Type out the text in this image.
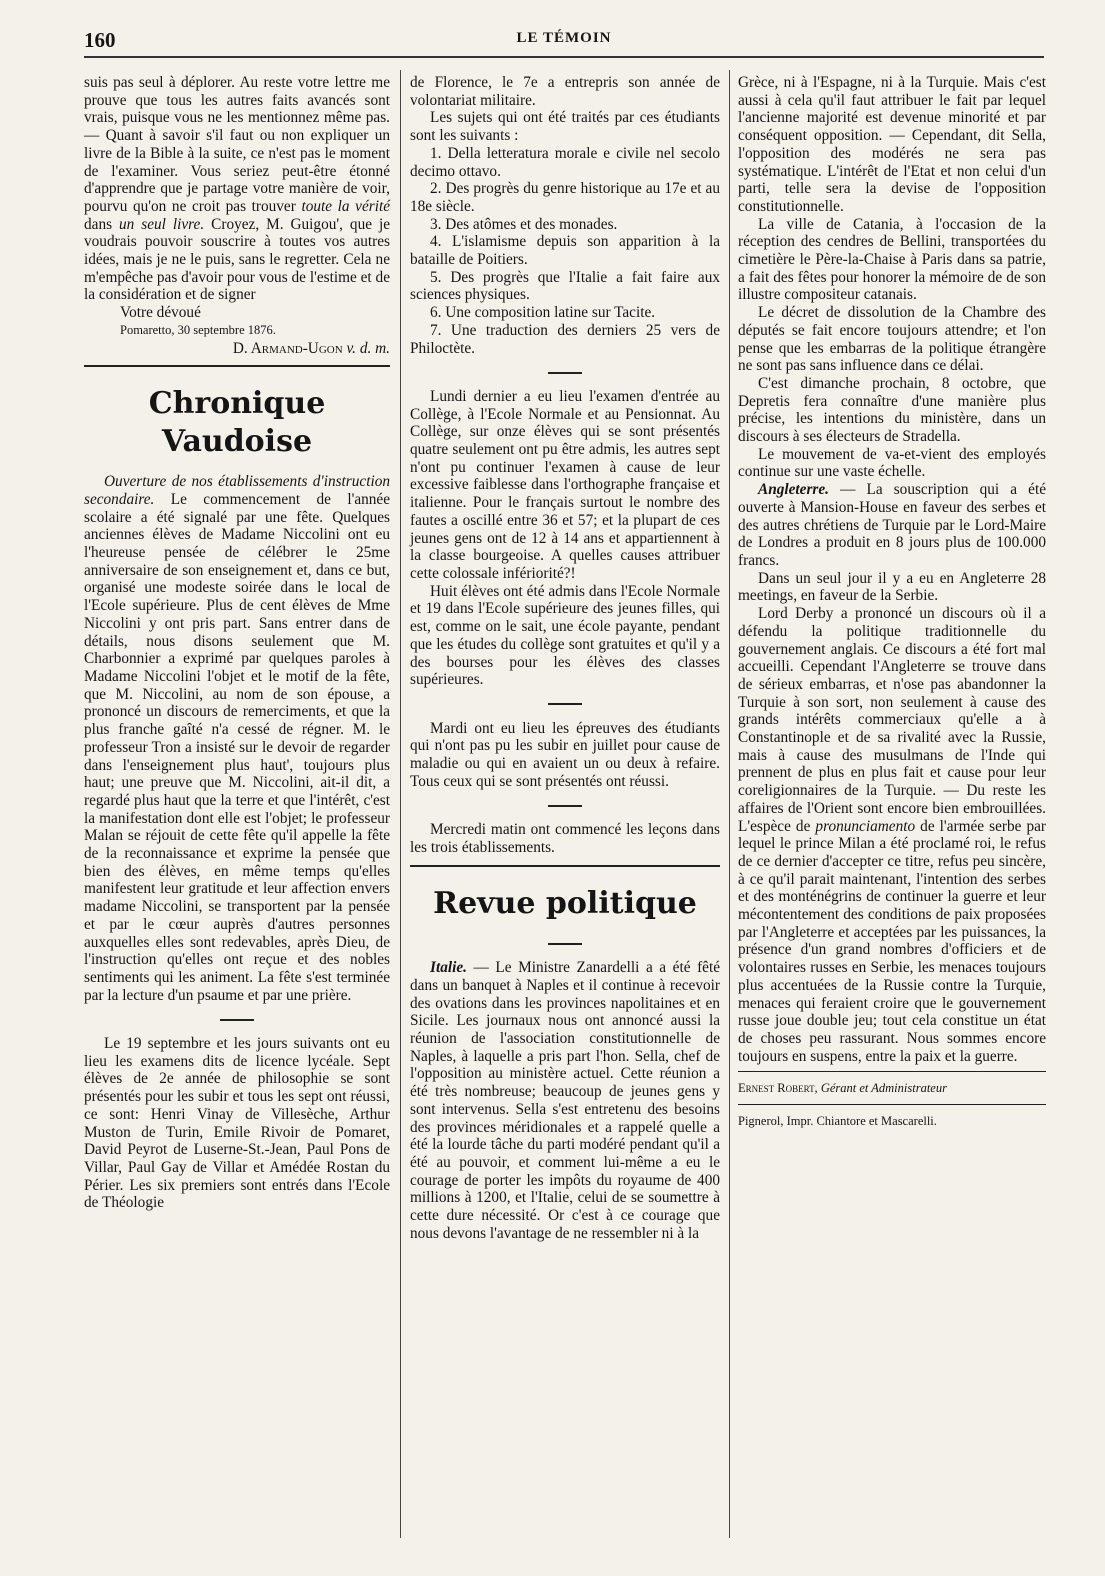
160	LE TÉMOIN

suis pas seul à déplorer. Au reste votre lettre me prouve que tous les autres faits avancés sont vrais, puisque vous ne les mentionnez même pas. — Quant à savoir s'il faut ou non expliquer un livre de la Bible à la suite, ce n'est pas le moment de l'examiner. Vous seriez peut-être étonné d'apprendre que je partage votre manière de voir, pourvu qu'on ne croit pas trouver toute la vérité dans un seul livre. Croyez, M. Guigou', que je voudrais pouvoir souscrire à toutes vos autres idées, mais je ne le puis, sans le regretter. Cela ne m'empêche pas d'avoir pour vous de l'estime et de la considération et de signer

Votre dévoué

Pomaretto, 30 septembre 1876.

D. Armand-Ugon v. d. m.

Chronique Vaudoise

Ouverture de nos établissements d'instruction secondaire. Le commencement de l'année scolaire a été signalé par une fête. Quelques anciennes élèves de Madame Niccolini ont eu l'heureuse pensée de célébrer le 25me anniversaire de son enseignement et, dans ce but, organisé une modeste soirée dans le local de l'Ecole supérieure. Plus de cent élèves de Mme Niccolini y ont pris part. Sans entrer dans de détails, nous disons seulement que M. Charbonnier a exprimé par quelques paroles à Madame Niccolini l'objet et le motif de la fête, que M. Niccolini, au nom de son épouse, a prononcé un discours de remerciments, et que la plus franche gaîté n'a cessé de régner. M. le professeur Tron a insisté sur le devoir de regarder dans l'enseignement plus haut', toujours plus haut; une preuve que M. Niccolini, ait-il dit, a regardé plus haut que la terre et que l'intérêt, c'est la manifestation dont elle est l'objet; le professeur Malan se réjouit de cette fête qu'il appelle la fête de la reconnaissance et exprime la pensée que bien des élèves, en même temps qu'elles manifestent leur gratitude et leur affection envers madame Niccolini, se transportent par la pensée et par le cœur auprès d'autres personnes auxquelles elles sont redevables, après Dieu, de l'instruction qu'elles ont reçue et des nobles sentiments qui les animent. La fête s'est terminée par la lecture d'un psaume et par une prière.

Le 19 septembre et les jours suivants ont eu lieu les examens dits de licence lycéale. Sept élèves de 2e année de philosophie se sont présentés pour les subir et tous les sept ont réussi, ce sont: Henri Vinay de Villesèche, Arthur Muston de Turin, Emile Rivoir de Pomaret, David Peyrot de Luserne-St.-Jean, Paul Pons de Villar, Paul Gay de Villar et Amédée Rostan du Périer. Les six premiers sont entrés dans l'Ecole de Théologie

de Florence, le 7e a entrepris son année de volontariat militaire.

Les sujets qui ont été traités par ces étudiants sont les suivants :

1. Della letteratura morale e civile nel secolo decimo ottavo.

2. Des progrès du genre historique au 17e et au 18e siècle.

3. Des atômes et des monades.

4. L'islamisme depuis son apparition à la bataille de Poitiers.

5. Des progrès que l'Italie a fait faire aux sciences physiques.

6. Une composition latine sur Tacite.

7. Une traduction des derniers 25 vers de Philoctète.

Lundi dernier a eu lieu l'examen d'entrée au Collège, à l'Ecole Normale et au Pensionnat. Au Collège, sur onze élèves qui se sont présentés quatre seulement ont pu être admis, les autres sept n'ont pu continuer l'examen à cause de leur excessive faiblesse dans l'orthographe française et italienne. Pour le français surtout le nombre des fautes a oscillé entre 36 et 57; et la plupart de ces jeunes gens ont de 12 à 14 ans et appartiennent à la classe bourgeoise. A quelles causes attribuer cette colossale infériorité?!

Huit élèves ont été admis dans l'Ecole Normale et 19 dans l'Ecole supérieure des jeunes filles, qui est, comme on le sait, une école payante, pendant que les études du collège sont gratuites et qu'il y a des bourses pour les élèves des classes supérieures.

Mardi ont eu lieu les épreuves des étudiants qui n'ont pas pu les subir en juillet pour cause de maladie ou qui en avaient un ou deux à refaire. Tous ceux qui se sont présentés ont réussi.

Mercredi matin ont commencé les leçons dans les trois établissements.

Revue politique

Italie. — Le Ministre Zanardelli a a été fêté dans un banquet à Naples et il continue à recevoir des ovations dans les provinces napolitaines et en Sicile. Les journaux nous ont annoncé aussi la réunion de l'association constitutionnelle de Naples, à laquelle a pris part l'hon. Sella, chef de l'opposition au ministère actuel. Cette réunion a été très nombreuse; beaucoup de jeunes gens y sont intervenus. Sella s'est entretenu des besoins des provinces méridionales et a rappelé quelle a été la lourde tâche du parti modéré pendant qu'il a été au pouvoir, et comment lui-même a eu le courage de porter les impôts du royaume de 400 millions à 1200, et l'Italie, celui de se soumettre à cette dure nécessité. Or c'est à ce courage que nous devons l'avantage de ne ressembler ni à la

Grèce, ni à l'Espagne, ni à la Turquie. Mais c'est aussi à cela qu'il faut attribuer le fait par lequel l'ancienne majorité est devenue minorité et par conséquent opposition. — Cependant, dit Sella, l'opposition des modérés ne sera pas systématique. L'intérêt de l'Etat et non celui d'un parti, telle sera la devise de l'opposition constitutionnelle.

La ville de Catania, à l'occasion de la réception des cendres de Bellini, transportées du cimetière le Père-la-Chaise à Paris dans sa patrie, a fait des fêtes pour honorer la mémoire de de son illustre compositeur catanais.

Le décret de dissolution de la Chambre des députés se fait encore toujours attendre; et l'on pense que les embarras de la politique étrangère ne sont pas sans influence dans ce délai.

C'est dimanche prochain, 8 octobre, que Depretis fera connaître d'une manière plus précise, les intentions du ministère, dans un discours à ses électeurs de Stradella.

Le mouvement de va-et-vient des employés continue sur une vaste échelle.

Angleterre. — La souscription qui a été ouverte à Mansion-House en faveur des serbes et des autres chrétiens de Turquie par le Lord-Maire de Londres a produit en 8 jours plus de 100.000 francs.

Dans un seul jour il y a eu en Angleterre 28 meetings, en faveur de la Serbie.

Lord Derby a prononcé un discours où il a défendu la politique traditionnelle du gouvernement anglais. Ce discours a été fort mal accueilli. Cependant l'Angleterre se trouve dans de sérieux embarras, et n'ose pas abandonner la Turquie à son sort, non seulement à cause des grands intérêts commerciaux qu'elle a à Constantinople et de sa rivalité avec la Russie, mais à cause des musulmans de l'Inde qui prennent de plus en plus fait et cause pour leur coreligionnaires de la Turquie. — Du reste les affaires de l'Orient sont encore bien embrouillées. L'espèce de pronunciamento de l'armée serbe par lequel le prince Milan a été proclamé roi, le refus de ce dernier d'accepter ce titre, refus peu sincère, à ce qu'il parait maintenant, l'intention des serbes et des monténégrins de continuer la guerre et leur mécontentement des conditions de paix proposées par l'Angleterre et acceptées par les puissances, la présence d'un grand nombres d'officiers et de volontaires russes en Serbie, les menaces toujours plus accentuées de la Russie contre la Turquie, menaces qui feraient croire que le gouvernement russe joue double jeu; tout cela constitue un état de choses peu rassurant. Nous sommes encore toujours en suspens, entre la paix et la guerre.

Ernest Robert, Gérant et Administrateur

Pignerol, Impr. Chiantore et Mascarelli.
